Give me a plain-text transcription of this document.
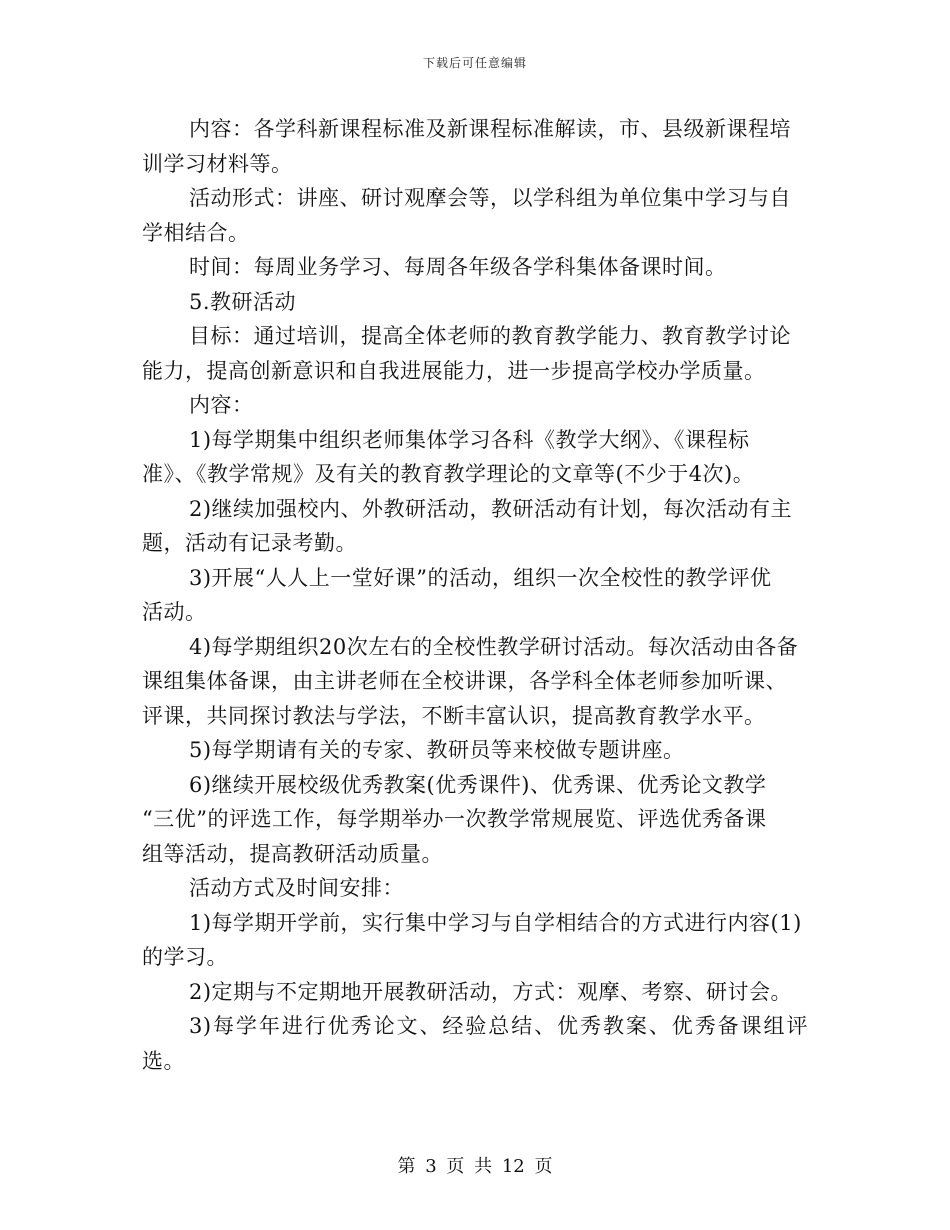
下载后可任意编辑

内容：各学科新课程标准及新课程标准解读，市、县级新课程培

训学习材料等。

活动形式：讲座、研讨观摩会等，以学科组为单位集中学习与自

学相结合。

时间：每周业务学习、每周各年级各学科集体备课时间。

5.教研活动

目标：通过培训，提高全体老师的教育教学能力、教育教学讨论

能力，提高创新意识和自我进展能力，进一步提高学校办学质量。

内容：

1)每学期集中组织老师集体学习各科《教学大纲》、《课程标

准》、《教学常规》及有关的教育教学理论的文章等(不少于4次)。

2)继续加强校内、外教研活动，教研活动有计划，每次活动有主

题，活动有记录考勤。

3)开展“人人上一堂好课”的活动，组织一次全校性的教学评优

活动。

4)每学期组织20次左右的全校性教学研讨活动。每次活动由各备

课组集体备课，由主讲老师在全校讲课，各学科全体老师参加听课、

评课，共同探讨教法与学法，不断丰富认识，提高教育教学水平。

5)每学期请有关的专家、教研员等来校做专题讲座。

6)继续开展校级优秀教案(优秀课件)、优秀课、优秀论文教学

“三优”的评选工作，每学期举办一次教学常规展览、评选优秀备课

组等活动，提高教研活动质量。

活动方式及时间安排：

1)每学期开学前，实行集中学习与自学相结合的方式进行内容(1)

的学习。

2)定期与不定期地开展教研活动，方式：观摩、考察、研讨会。

3)每学年进行优秀论文、经验总结、优秀教案、优秀备课组评选。

第 3 页 共 12 页
